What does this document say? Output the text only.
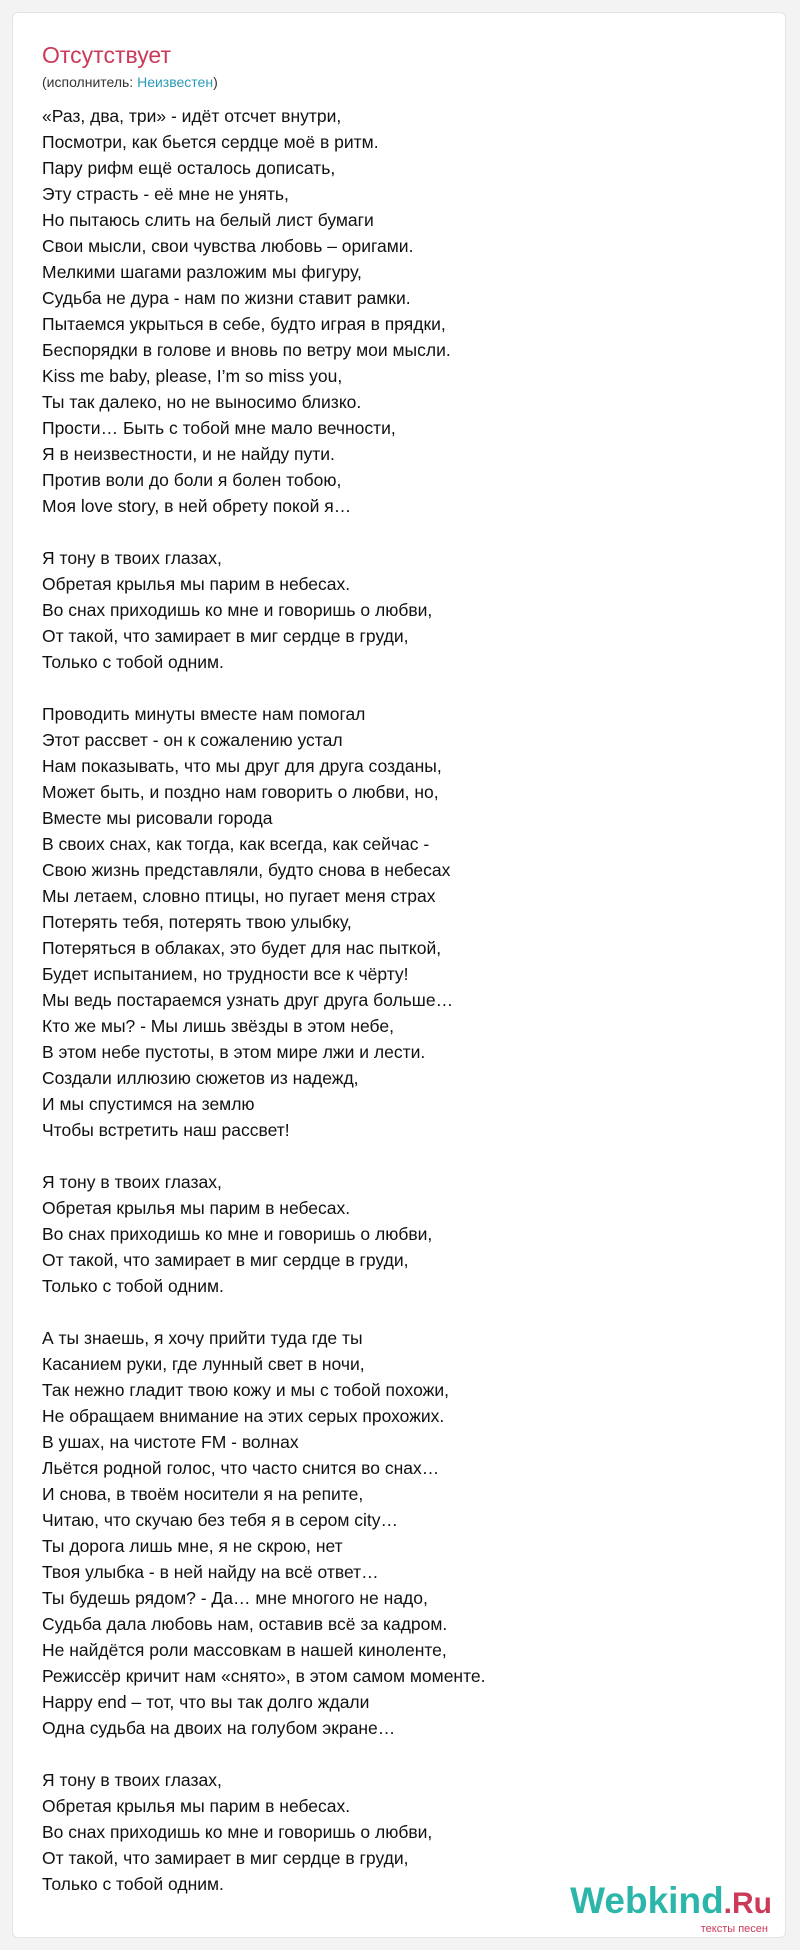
Отсутствует
(исполнитель: Неизвестен)
«Раз, два, три» - идёт отсчет внутри,
Посмотри, как бьется сердце моё в ритм.
Пару рифм ещё осталось дописать,
Эту страсть - её мне не унять,
Но пытаюсь слить на белый лист бумаги
Свои мысли, свои чувства любовь – оригами.
Мелкими шагами разложим мы фигуру,
Судьба не дура - нам по жизни ставит рамки.
Пытаемся укрыться в себе, будто играя в прядки,
Беспорядки в голове и вновь по ветру мои мысли.
Kiss me baby, please, I’m so miss you,
Ты так далеко, но не выносимо близко.
Прости… Быть с тобой мне мало вечности,
Я в неизвестности, и не найду пути.
Против воли до боли я болен тобою,
Моя love story, в ней обрету покой я…
Я тону в твоих глазах,
Обретая крылья мы парим в небесах.
Во снах приходишь ко мне и говоришь о любви,
От такой, что замирает в миг сердце в груди,
Только с тобой одним.
Проводить минуты вместе нам помогал
Этот рассвет - он к сожалению устал
Нам показывать, что мы друг для друга созданы,
Может быть, и поздно нам говорить о любви, но,
Вместе мы рисовали города
В своих снах, как тогда, как всегда, как сейчас -
Свою жизнь представляли, будто снова в небесах
Мы летаем, словно птицы, но пугает меня страх
Потерять тебя, потерять твою улыбку,
Потеряться в облаках, это будет для нас пыткой,
Будет испытанием, но трудности все к чёрту!
Мы ведь постараемся узнать друг друга больше…
Кто же мы? - Мы лишь звёзды в этом небе,
В этом небе пустоты, в этом мире лжи и лести.
Создали иллюзию сюжетов из надежд,
И мы спустимся на землю
Чтобы встретить наш рассвет!
Я тону в твоих глазах,
Обретая крылья мы парим в небесах.
Во снах приходишь ко мне и говоришь о любви,
От такой, что замирает в миг сердце в груди,
Только с тобой одним.
А ты знаешь, я хочу прийти туда где ты
Касанием руки, где лунный свет в ночи,
Так нежно гладит твою кожу и мы с тобой похожи,
Не обращаем внимание на этих серых прохожих.
В ушах, на чистоте FM - волнах
Льётся родной голос, что часто снится во снах…
И снова, в твоём носители я на репите,
Читаю, что скучаю без тебя я в сером city…
Ты дорога лишь мне, я не скрою, нет
Твоя улыбка - в ней найду на всё ответ…
Ты будешь рядом? - Да… мне многого не надо,
Судьба дала любовь нам, оставив всё за кадром.
Не найдётся роли массовкам в нашей киноленте,
Режиссёр кричит нам «снято», в этом самом моменте.
Happy end – тот, что вы так долго ждали
Одна судьба на двоих на голубом экране…
Я тону в твоих глазах,
Обретая крылья мы парим в небесах.
Во снах приходишь ко мне и говоришь о любви,
От такой, что замирает в миг сердце в груди,
Только с тобой одним.	Webkind.Ru
тексты песен
